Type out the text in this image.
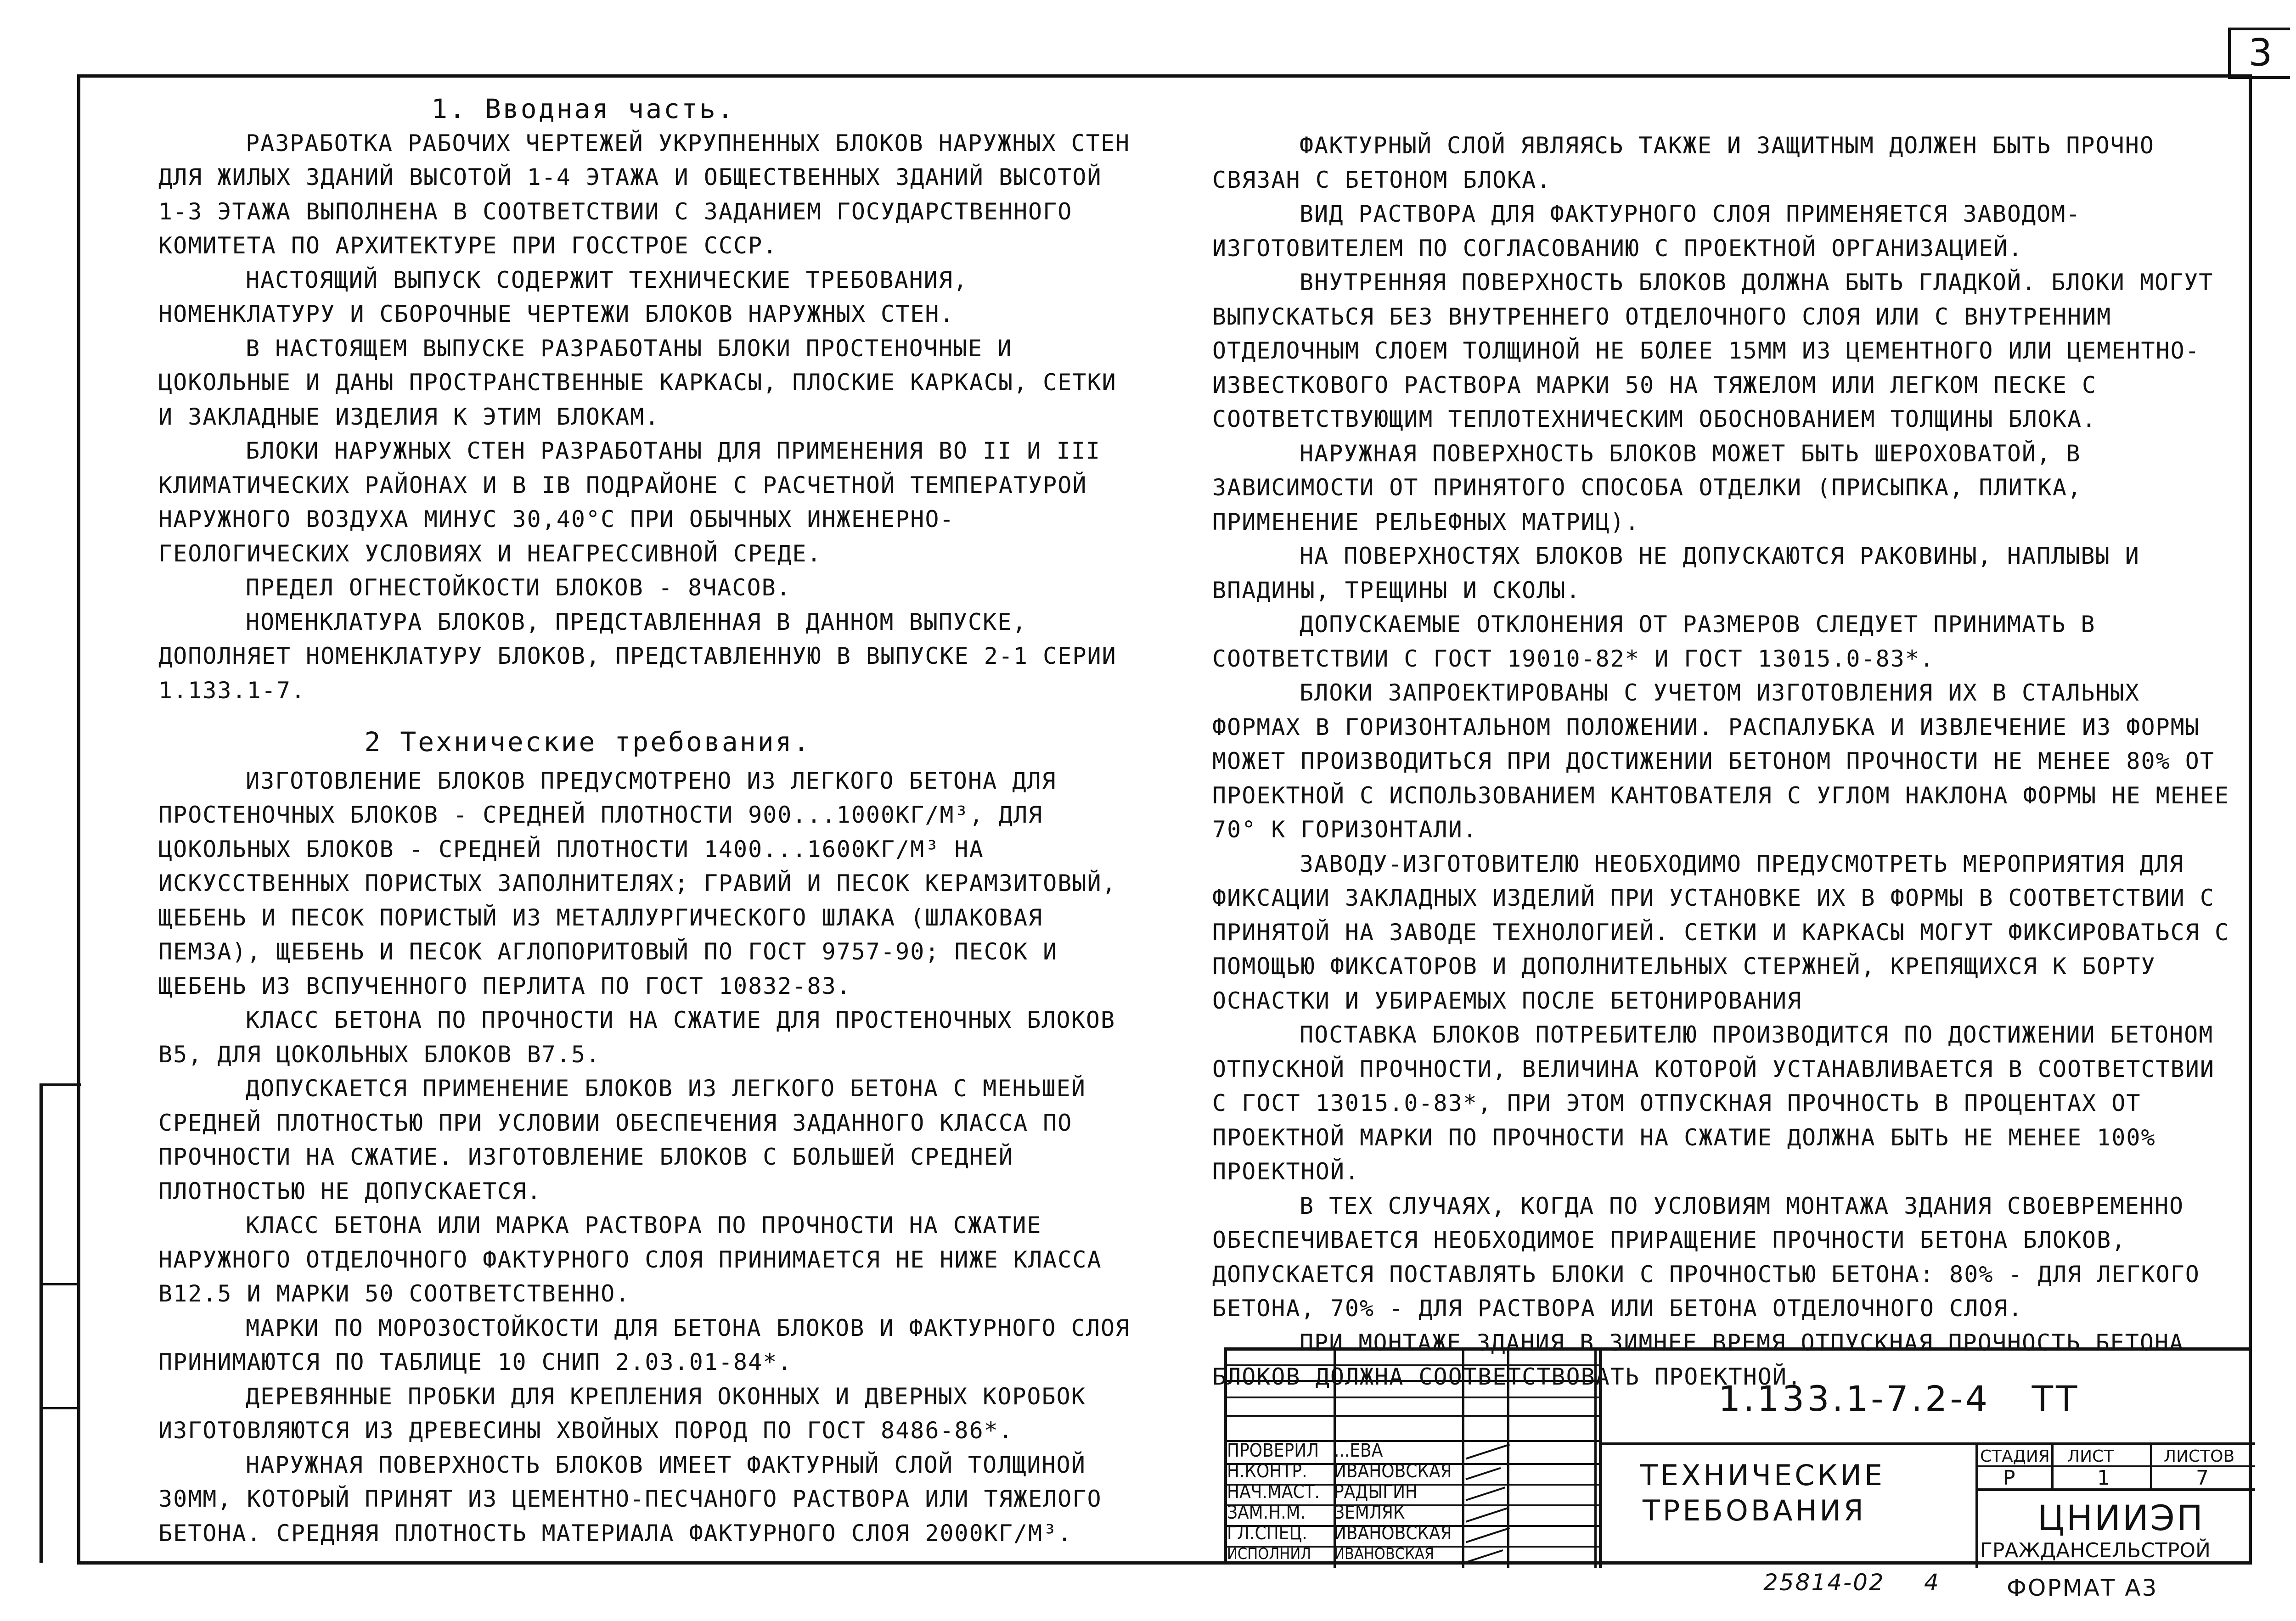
3

1. Вводная часть.

РАЗРАБОТКА РАБОЧИХ ЧЕРТЕЖЕЙ УКРУПНЕННЫХ БЛОКОВ НАРУЖНЫХ СТЕН ДЛЯ ЖИЛЫХ ЗДАНИЙ ВЫСОТОЙ 1-4 ЭТАЖА И ОБЩЕСТВЕННЫХ ЗДАНИЙ ВЫСОТОЙ 1-3 ЭТАЖА ВЫПОЛНЕНА В СООТВЕТСТВИИ С ЗАДАНИЕМ ГОСУДАРСТВЕННОГО КОМИТЕТА ПО АРХИТЕКТУРЕ ПРИ ГОССТРОЕ СССР.

НАСТОЯЩИЙ ВЫПУСК СОДЕРЖИТ ТЕХНИЧЕСКИЕ ТРЕБОВАНИЯ, НОМЕНКЛАТУРУ И СБОРОЧНЫЕ ЧЕРТЕЖИ БЛОКОВ НАРУЖНЫХ СТЕН.

В НАСТОЯЩЕМ ВЫПУСКЕ РАЗРАБОТАНЫ БЛОКИ ПРОСТЕНОЧНЫЕ И ЦОКОЛЬНЫЕ И ДАНЫ ПРОСТРАНСТВЕННЫЕ КАРКАСЫ, ПЛОСКИЕ КАРКАСЫ, СЕТКИ И ЗАКЛАДНЫЕ ИЗДЕЛИЯ К ЭТИМ БЛОКАМ.

БЛОКИ НАРУЖНЫХ СТЕН РАЗРАБОТАНЫ ДЛЯ ПРИМЕНЕНИЯ ВО II И III КЛИМАТИЧЕСКИХ РАЙОНАХ И В IВ ПОДРАЙОНЕ С РАСЧЕТНОЙ ТЕМПЕРАТУРОЙ НАРУЖНОГО ВОЗДУХА МИНУС 30,40°С ПРИ ОБЫЧНЫХ ИНЖЕНЕРНО-ГЕОЛОГИЧЕСКИХ УСЛОВИЯХ И НЕАГРЕССИВНОЙ СРЕДЕ.

ПРЕДЕЛ ОГНЕСТОЙКОСТИ БЛОКОВ - 8ЧАСОВ.

НОМЕНКЛАТУРА БЛОКОВ, ПРЕДСТАВЛЕННАЯ В ДАННОМ ВЫПУСКЕ, ДОПОЛНЯЕТ НОМЕНКЛАТУРУ БЛОКОВ, ПРЕДСТАВЛЕННУЮ В ВЫПУСКЕ 2-1 СЕРИИ 1.133.1-7.

2 Технические требования.

ИЗГОТОВЛЕНИЕ БЛОКОВ ПРЕДУСМОТРЕНО ИЗ ЛЕГКОГО БЕТОНА ДЛЯ ПРОСТЕНОЧНЫХ БЛОКОВ - СРЕДНЕЙ ПЛОТНОСТИ 900...1000КГ/М³, ДЛЯ ЦОКОЛЬНЫХ БЛОКОВ - СРЕДНЕЙ ПЛОТНОСТИ 1400...1600КГ/М³ НА ИСКУССТВЕННЫХ ПОРИСТЫХ ЗАПОЛНИТЕЛЯХ; ГРАВИЙ И ПЕСОК КЕРАМЗИТОВЫЙ, ЩЕБЕНЬ И ПЕСОК ПОРИСТЫЙ ИЗ МЕТАЛЛУРГИЧЕСКОГО ШЛАКА (ШЛАКОВАЯ ПЕМЗА), ЩЕБЕНЬ И ПЕСОК АГЛОПОРИТОВЫЙ ПО ГОСТ 9757-90; ПЕСОК И ЩЕБЕНЬ ИЗ ВСПУЧЕННОГО ПЕРЛИТА ПО ГОСТ 10832-83.

КЛАСС БЕТОНА ПО ПРОЧНОСТИ НА СЖАТИЕ ДЛЯ ПРОСТЕНОЧНЫХ БЛОКОВ В5, ДЛЯ ЦОКОЛЬНЫХ БЛОКОВ В7.5.

ДОПУСКАЕТСЯ ПРИМЕНЕНИЕ БЛОКОВ ИЗ ЛЕГКОГО БЕТОНА С МЕНЬШЕЙ СРЕДНЕЙ ПЛОТНОСТЬЮ ПРИ УСЛОВИИ ОБЕСПЕЧЕНИЯ ЗАДАННОГО КЛАССА ПО ПРОЧНОСТИ НА СЖАТИЕ. ИЗГОТОВЛЕНИЕ БЛОКОВ С БОЛЬШЕЙ СРЕДНЕЙ ПЛОТНОСТЬЮ НЕ ДОПУСКАЕТСЯ.

КЛАСС БЕТОНА ИЛИ МАРКА РАСТВОРА ПО ПРОЧНОСТИ НА СЖАТИЕ НАРУЖНОГО ОТДЕЛОЧНОГО ФАКТУРНОГО СЛОЯ ПРИНИМАЕТСЯ НЕ НИЖЕ КЛАССА В12.5 И МАРКИ 50 СООТВЕТСТВЕННО.

МАРКИ ПО МОРОЗОСТОЙКОСТИ ДЛЯ БЕТОНА БЛОКОВ И ФАКТУРНОГО СЛОЯ ПРИНИМАЮТСЯ ПО ТАБЛИЦЕ 10 СНИП 2.03.01-84*.

ДЕРЕВЯННЫЕ ПРОБКИ ДЛЯ КРЕПЛЕНИЯ ОКОННЫХ И ДВЕРНЫХ КОРОБОК ИЗГОТОВЛЯЮТСЯ ИЗ ДРЕВЕСИНЫ ХВОЙНЫХ ПОРОД ПО ГОСТ 8486-86*.

НАРУЖНАЯ ПОВЕРХНОСТЬ БЛОКОВ ИМЕЕТ ФАКТУРНЫЙ СЛОЙ ТОЛЩИНОЙ 30ММ, КОТОРЫЙ ПРИНЯТ ИЗ ЦЕМЕНТНО-ПЕСЧАНОГО РАСТВОРА ИЛИ ТЯЖЕЛОГО БЕТОНА. СРЕДНЯЯ ПЛОТНОСТЬ МАТЕРИАЛА ФАКТУРНОГО СЛОЯ 2000КГ/М³.

ФАКТУРНЫЙ СЛОЙ ЯВЛЯЯСЬ ТАКЖЕ И ЗАЩИТНЫМ ДОЛЖЕН БЫТЬ ПРОЧНО СВЯЗАН С БЕТОНОМ БЛОКА.

ВИД РАСТВОРА ДЛЯ ФАКТУРНОГО СЛОЯ ПРИМЕНЯЕТСЯ ЗАВОДОМ-ИЗГОТОВИТЕЛЕМ ПО СОГЛАСОВАНИЮ С ПРОЕКТНОЙ ОРГАНИЗАЦИЕЙ.

ВНУТРЕННЯЯ ПОВЕРХНОСТЬ БЛОКОВ ДОЛЖНА БЫТЬ ГЛАДКОЙ. БЛОКИ МОГУТ ВЫПУСКАТЬСЯ БЕЗ ВНУТРЕННЕГО ОТДЕЛОЧНОГО СЛОЯ ИЛИ С ВНУТРЕННИМ ОТДЕЛОЧНЫМ СЛОЕМ ТОЛЩИНОЙ НЕ БОЛЕЕ 15ММ ИЗ ЦЕМЕНТНОГО ИЛИ ЦЕМЕНТНО-ИЗВЕСТКОВОГО РАСТВОРА МАРКИ 50 НА ТЯЖЕЛОМ ИЛИ ЛЕГКОМ ПЕСКЕ С СООТВЕТСТВУЮЩИМ ТЕПЛОТЕХНИЧЕСКИМ ОБОСНОВАНИЕМ ТОЛЩИНЫ БЛОКА.

НАРУЖНАЯ ПОВЕРХНОСТЬ БЛОКОВ МОЖЕТ БЫТЬ ШЕРОХОВАТОЙ, В ЗАВИСИМОСТИ ОТ ПРИНЯТОГО СПОСОБА ОТДЕЛКИ (ПРИСЫПКА, ПЛИТКА, ПРИМЕНЕНИЕ РЕЛЬЕФНЫХ МАТРИЦ).

НА ПОВЕРХНОСТЯХ БЛОКОВ НЕ ДОПУСКАЮТСЯ РАКОВИНЫ, НАПЛЫВЫ И ВПАДИНЫ, ТРЕЩИНЫ И СКОЛЫ.

ДОПУСКАЕМЫЕ ОТКЛОНЕНИЯ ОТ РАЗМЕРОВ СЛЕДУЕТ ПРИНИМАТЬ В СООТВЕТСТВИИ С ГОСТ 19010-82* И ГОСТ 13015.0-83*.

БЛОКИ ЗАПРОЕКТИРОВАНЫ С УЧЕТОМ ИЗГОТОВЛЕНИЯ ИХ В СТАЛЬНЫХ ФОРМАХ В ГОРИЗОНТАЛЬНОМ ПОЛОЖЕНИИ. РАСПАЛУБКА И ИЗВЛЕЧЕНИЕ ИЗ ФОРМЫ МОЖЕТ ПРОИЗВОДИТЬСЯ ПРИ ДОСТИЖЕНИИ БЕТОНОМ ПРОЧНОСТИ НЕ МЕНЕЕ 80% ОТ ПРОЕКТНОЙ С ИСПОЛЬЗОВАНИЕМ КАНТОВАТЕЛЯ С УГЛОМ НАКЛОНА ФОРМЫ НЕ МЕНЕЕ 70° К ГОРИЗОНТАЛИ.

ЗАВОДУ-ИЗГОТОВИТЕЛЮ НЕОБХОДИМО ПРЕДУСМОТРЕТЬ МЕРОПРИЯТИЯ ДЛЯ ФИКСАЦИИ ЗАКЛАДНЫХ ИЗДЕЛИЙ ПРИ УСТАНОВКЕ ИХ В ФОРМЫ В СООТВЕТСТВИИ С ПРИНЯТОЙ НА ЗАВОДЕ ТЕХНОЛОГИЕЙ. СЕТКИ И КАРКАСЫ МОГУТ ФИКСИРОВАТЬСЯ С ПОМОЩЬЮ ФИКСАТОРОВ И ДОПОЛНИТЕЛЬНЫХ СТЕРЖНЕЙ, КРЕПЯЩИХСЯ К БОРТУ ОСНАСТКИ И УБИРАЕМЫХ ПОСЛЕ БЕТОНИРОВАНИЯ

ПОСТАВКА БЛОКОВ ПОТРЕБИТЕЛЮ ПРОИЗВОДИТСЯ ПО ДОСТИЖЕНИИ БЕТОНОМ ОТПУСКНОЙ ПРОЧНОСТИ, ВЕЛИЧИНА КОТОРОЙ УСТАНАВЛИВАЕТСЯ В СООТВЕТСТВИИ С ГОСТ 13015.0-83*, ПРИ ЭТОМ ОТПУСКНАЯ ПРОЧНОСТЬ В ПРОЦЕНТАХ ОТ ПРОЕКТНОЙ МАРКИ ПО ПРОЧНОСТИ НА СЖАТИЕ ДОЛЖНА БЫТЬ НЕ МЕНЕЕ 100% ПРОЕКТНОЙ.

В ТЕХ СЛУЧАЯХ, КОГДА ПО УСЛОВИЯМ МОНТАЖА ЗДАНИЯ СВОЕВРЕМЕННО ОБЕСПЕЧИВАЕТСЯ НЕОБХОДИМОЕ ПРИРАЩЕНИЕ ПРОЧНОСТИ БЕТОНА БЛОКОВ, ДОПУСКАЕТСЯ ПОСТАВЛЯТЬ БЛОКИ С ПРОЧНОСТЬЮ БЕТОНА: 80% - ДЛЯ ЛЕГКОГО БЕТОНА, 70% - ДЛЯ РАСТВОРА ИЛИ БЕТОНА ОТДЕЛОЧНОГО СЛОЯ.

ПРИ МОНТАЖЕ ЗДАНИЯ В ЗИМНЕЕ ВРЕМЯ ОТПУСКНАЯ ПРОЧНОСТЬ БЕТОНА БЛОКОВ ДОЛЖНА СООТВЕТСТВОВАТЬ ПРОЕКТНОЙ.

1.133.1-7.2-4   ТТ
ТЕХНИЧЕСКИЕ
ТРЕБОВАНИЯ
СТАДИЯ ЛИСТ	ЛИСТОВ
Р	1	7
ЦНИИЭП
ГРАЖДАНСЕЛЬСТРОЙ
Н.КОНТР. ИВАНОВСКАЯ
НАЧ.МАСТ. РАДЫГИН
ЗАМ.Н.М. ЗЕМЛЯК
ГЛ.СПЕЦ. ИВАНОВСКАЯ
ИСПОЛНИЛ ИВАНОВСКАЯ
ПРОВЕРИЛ ...ЕВА
25814-02 4	ФОРМАТ А3
